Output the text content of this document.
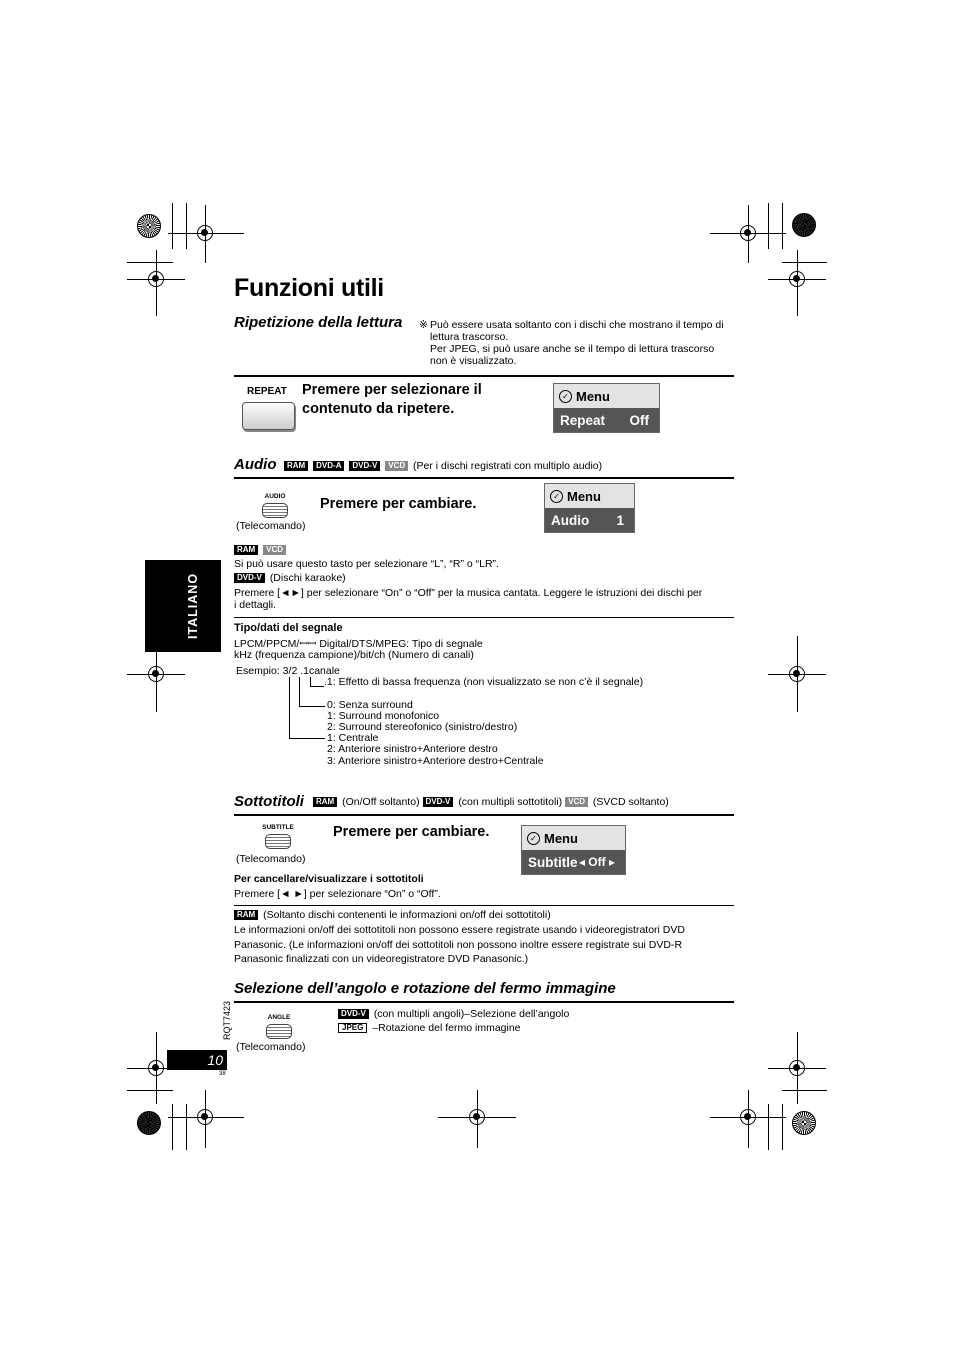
Funzioni utili
Ripetizione della lettura ※ Può essere usata soltanto con i dischi che mostrano il tempo di lettura trascorso.
Per JPEG, si può usare anche se il tempo di lettura trascorso non è visualizzato.
REPEAT Premere per selezionare il
contenuto da ripetere.
✓ Menu
Repeat Off
Audio	RAM DVD-A DVD-V VCD (Per i dischi registrati con multiplo audio)
AUDIO
(Telecomando)
Premere per cambiare.	✓ Menu
Audio 1
RAM VCD
Si può usare questo tasto per selezionare “L”, “R” o “LR”.
DVD-V (Dischi karaoke)
Premere [◄►] per selezionare “On” o “Off” per la musica cantata. Leggere le istruzioni dei dischi per
i dettagli.
Tipo/dati del segnale
LPCM/PPCM/ꟷꟷ Digital/DTS/MPEG: Tipo di segnale
kHz (frequenza campione)/bit/ch (Numero di canali)
Esempio: 3/2 .1canale
.1: Effetto di bassa frequenza (non visualizzato se non c’è il segnale)
0: Senza surround
1: Surround monofonico
2: Surround stereofonico (sinistro/destro)
1: Centrale
2: Anteriore sinistro+Anteriore destro
3: Anteriore sinistro+Anteriore destro+Centrale
Sottotitoli	RAM (On/Off soltanto) DVD-V (con multipli sottotitoli) VCD (SVCD soltanto)
SUBTITLE
(Telecomando)
Premere per cambiare.	✓ Menu
Subtitle ◂ Off ▸
Per cancellare/visualizzare i sottotitoli
Premere [◄ ►] per selezionare “On” o “Off”.
RAM (Soltanto dischi contenenti le informazioni on/off dei sottotitoli)
Le informazioni on/off dei sottotitoli non possono essere registrate usando i videoregistratori DVD
Panasonic. (Le informazioni on/off dei sottotitoli non possono inoltre essere registrate sui DVD-R
Panasonic finalizzati con un videoregistratore DVD Panasonic.)
Selezione dell’angolo e rotazione del fermo immagine
ANGLE
(Telecomando)
DVD-V (con multipli angoli)–Selezione dell’angolo
JPEG –Rotazione del fermo immagine
ITALIANO
RQT7423
10
38
